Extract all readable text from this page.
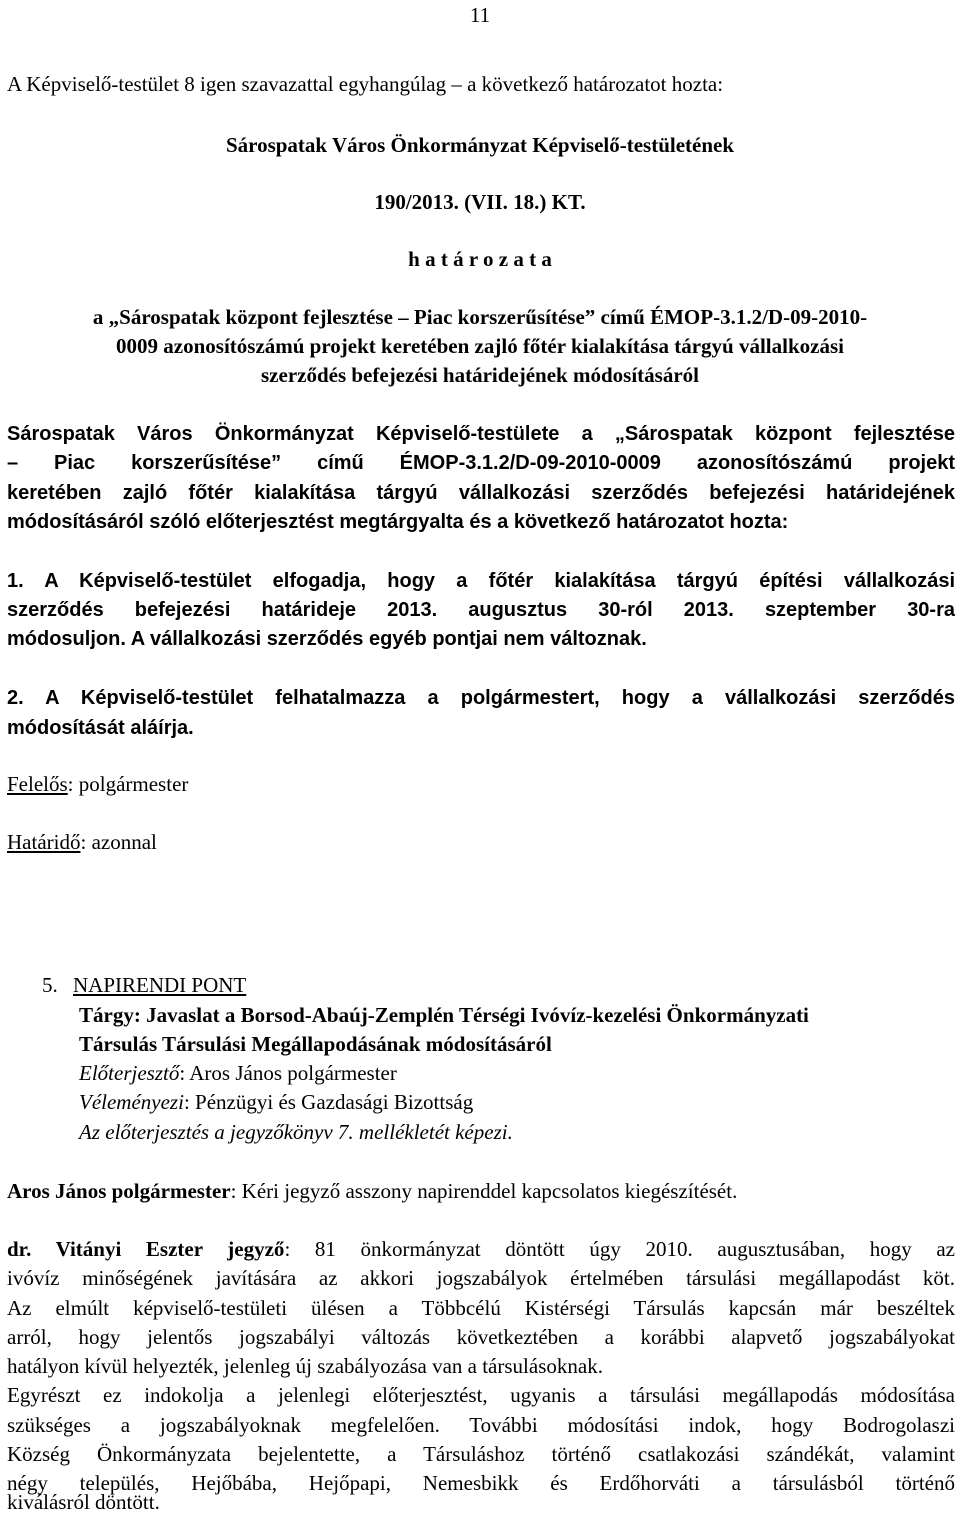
11
A Képviselő-testület 8 igen szavazattal egyhangúlag – a következő határozatot hozta:
Sárospatak Város Önkormányzat Képviselő-testületének
190/2013. (VII. 18.) KT.
h a t á r o z a t a
a „Sárospatak központ fejlesztése – Piac korszerűsítése” című ÉMOP-3.1.2/D-09-2010-
0009 azonosítószámú projekt keretében zajló főtér kialakítása tárgyú vállalkozási
szerződés befejezési határidejének módosításáról
Sárospatak Város Önkormányzat Képviselő-testülete a „Sárospatak központ fejlesztése
– Piac korszerűsítése” című ÉMOP-3.1.2/D-09-2010-0009 azonosítószámú projekt
keretében zajló főtér kialakítása tárgyú vállalkozási szerződés befejezési határidejének
módosításáról szóló előterjesztést megtárgyalta és a következő határozatot hozta:
1. A Képviselő-testület elfogadja, hogy a főtér kialakítása tárgyú építési vállalkozási
szerződés befejezési határideje 2013. augusztus 30-ról 2013. szeptember 30-ra
módosuljon. A vállalkozási szerződés egyéb pontjai nem változnak.
2. A Képviselő-testület felhatalmazza a polgármestert, hogy a vállalkozási szerződés
módosítását aláírja.
Felelős: polgármester
Határidő: azonnal
5. NAPIRENDI PONT
Tárgy: Javaslat a Borsod-Abaúj-Zemplén Térségi Ivóvíz-kezelési Önkormányzati
Társulás Társulási Megállapodásának módosításáról
Előterjesztő: Aros János polgármester
Véleményezi: Pénzügyi és Gazdasági Bizottság
Az előterjesztés a jegyzőkönyv 7. mellékletét képezi.
Aros János polgármester: Kéri jegyző asszony napirenddel kapcsolatos kiegészítését.
dr. Vitányi Eszter jegyző: 81 önkormányzat döntött úgy 2010. augusztusában, hogy az
ivóvíz minőségének javítására az akkori jogszabályok értelmében társulási megállapodást köt.
Az elmúlt képviselő-testületi ülésen a Többcélú Kistérségi Társulás kapcsán már beszéltek
arról, hogy jelentős jogszabályi változás következtében a korábbi alapvető jogszabályokat
hatályon kívül helyezték, jelenleg új szabályozása van a társulásoknak.
Egyrészt ez indokolja a jelenlegi előterjesztést, ugyanis a társulási megállapodás módosítása
szükséges a jogszabályoknak megfelelően. További módosítási indok, hogy Bodrogolaszi
Község Önkormányzata bejelentette, a Társuláshoz történő csatlakozási szándékát, valamint
négy település, Hejőbába, Hejőpapi, Nemesbikk és Erdőhorváti a társulásból történő
kiválásról döntött.
